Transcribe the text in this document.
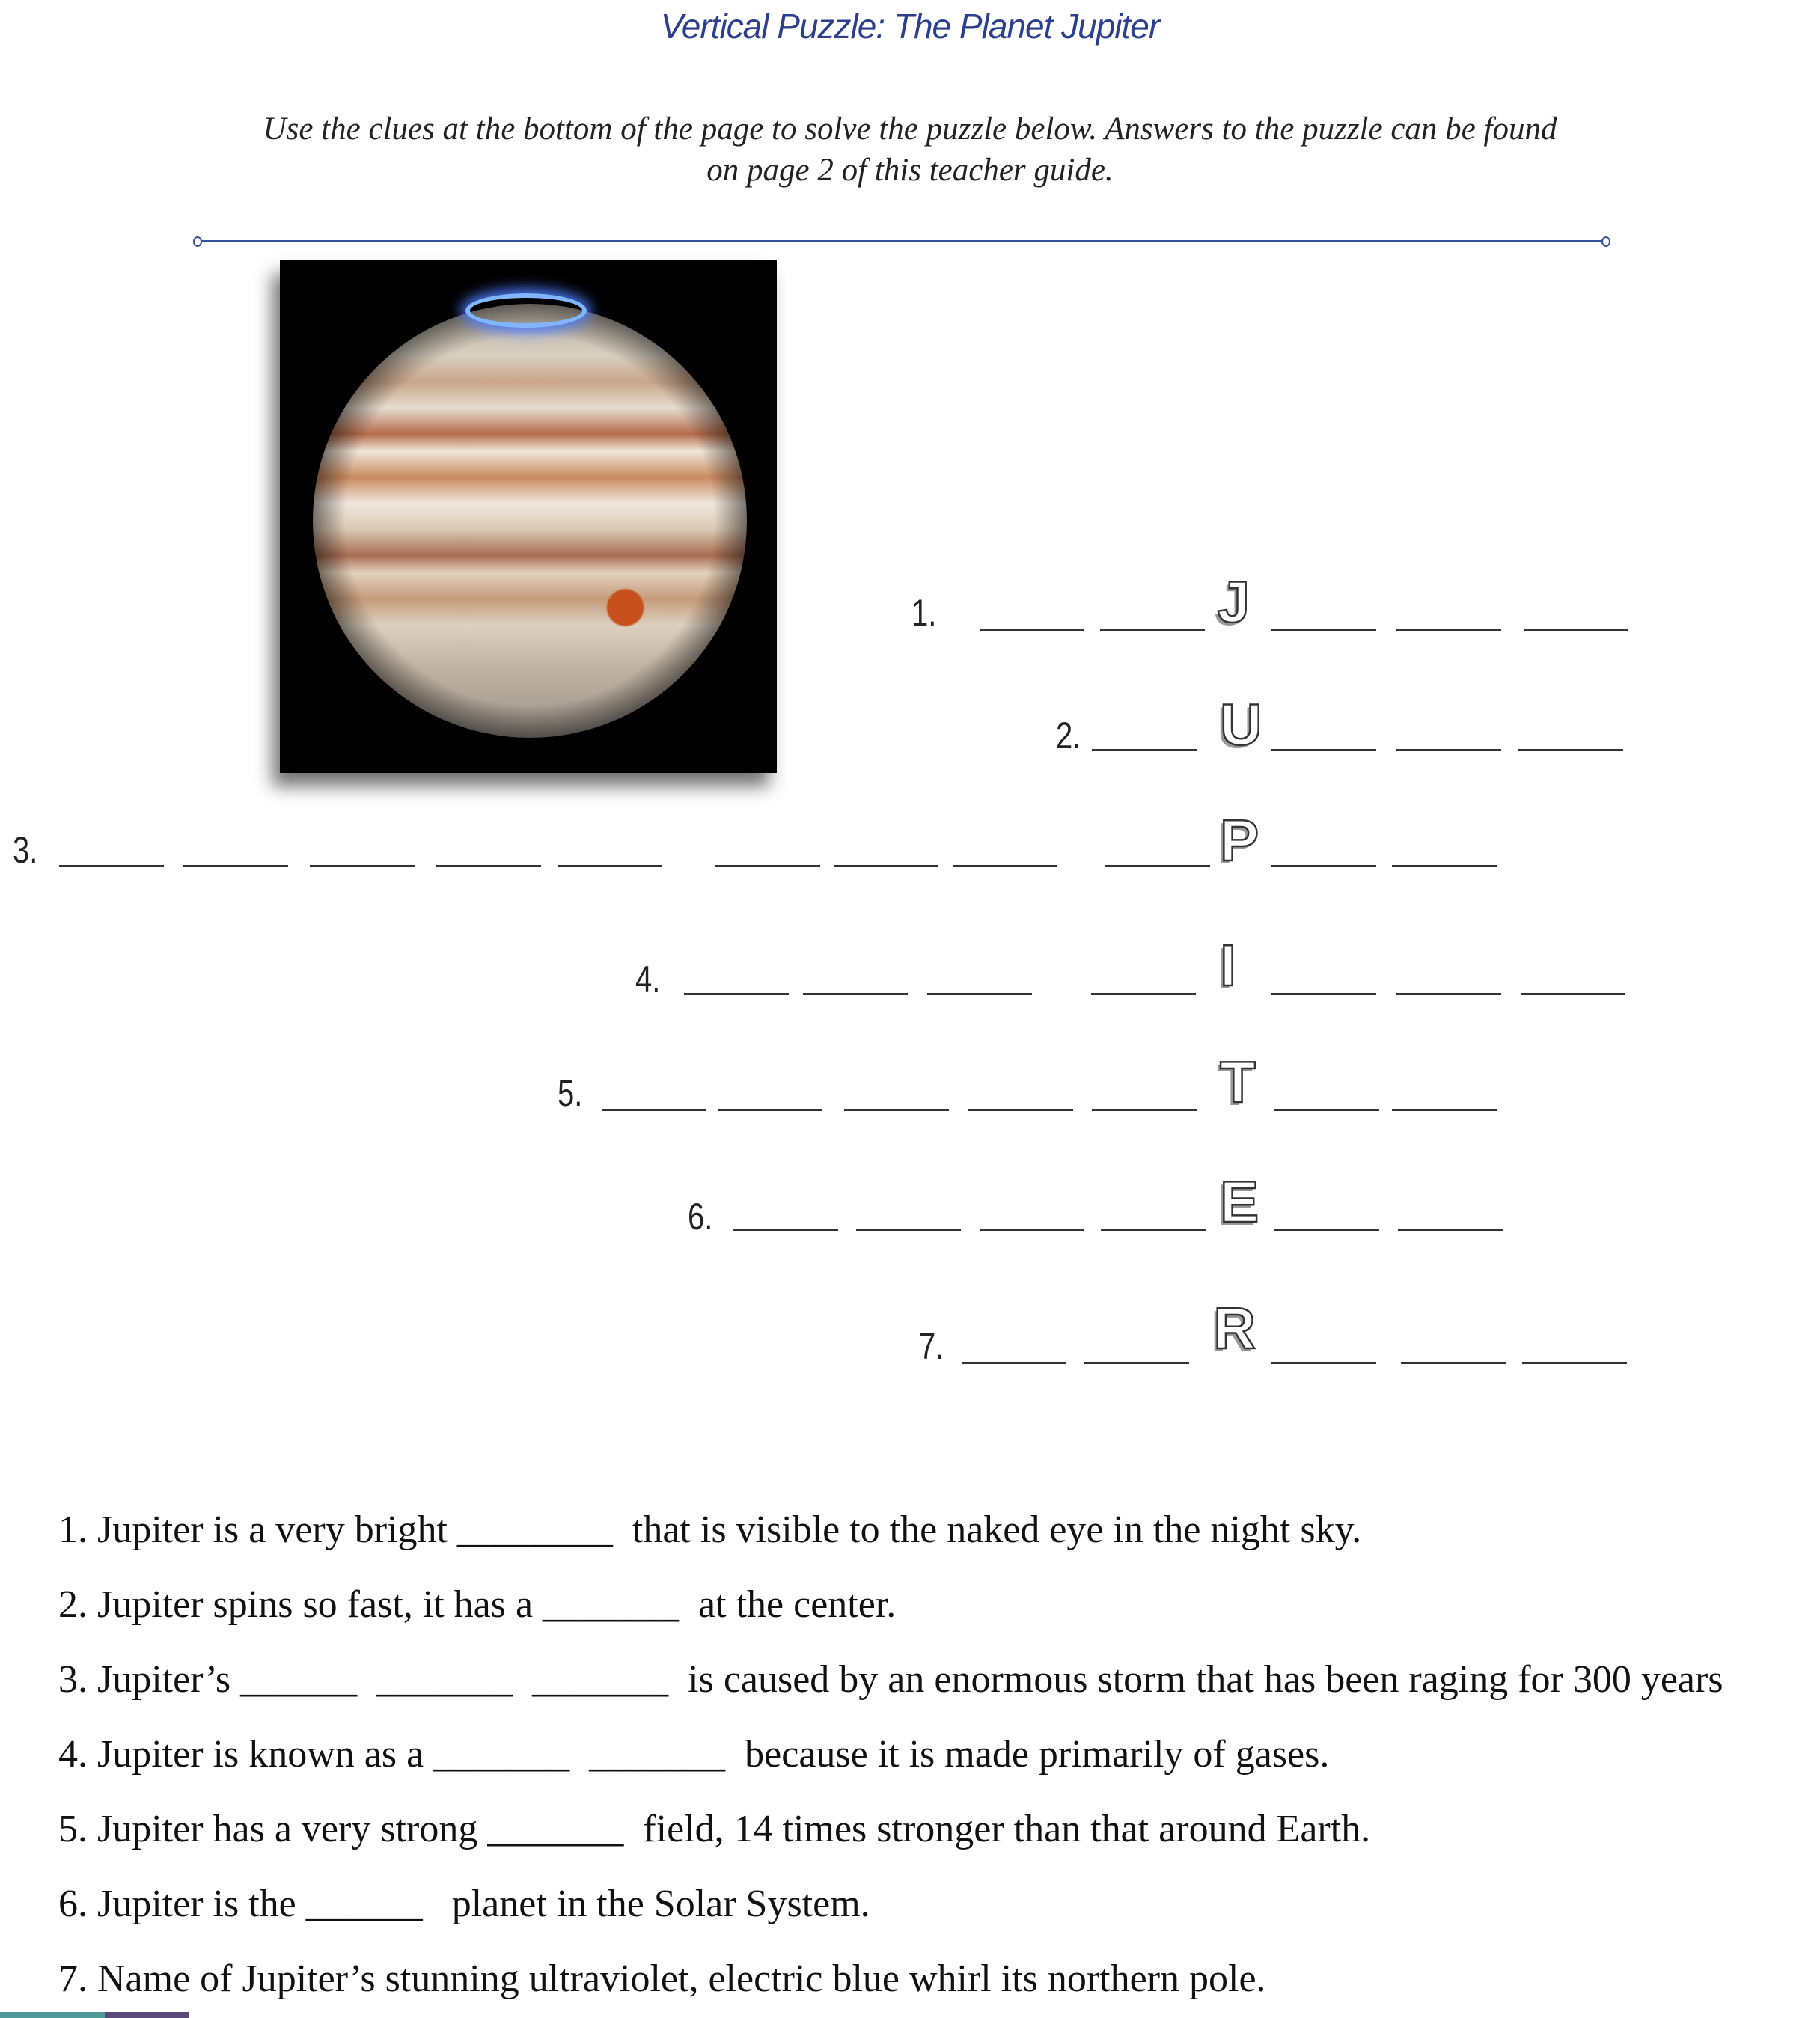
Vertical Puzzle: The Planet Jupiter
Use the clues at the bottom of the page to solve the puzzle below. Answers to the puzzle can be found
on page 2 of this teacher guide.
1.	J
2. U
3.	P
4.	I
5.	T
6.	E
7.	R
1. Jupiter is a very bright ________  that is visible to the naked eye in the night sky.
2. Jupiter spins so fast, it has a _______  at the center.
3. Jupiter’s ______  _______  _______  is caused by an enormous storm that has been raging for 300 years
4. Jupiter is known as a _______  _______  because it is made primarily of gases.
5. Jupiter has a very strong _______  field, 14 times stronger than that around Earth.
6. Jupiter is the ______   planet in the Solar System.
7. Name of Jupiter’s stunning ultraviolet, electric blue whirl its northern pole.
